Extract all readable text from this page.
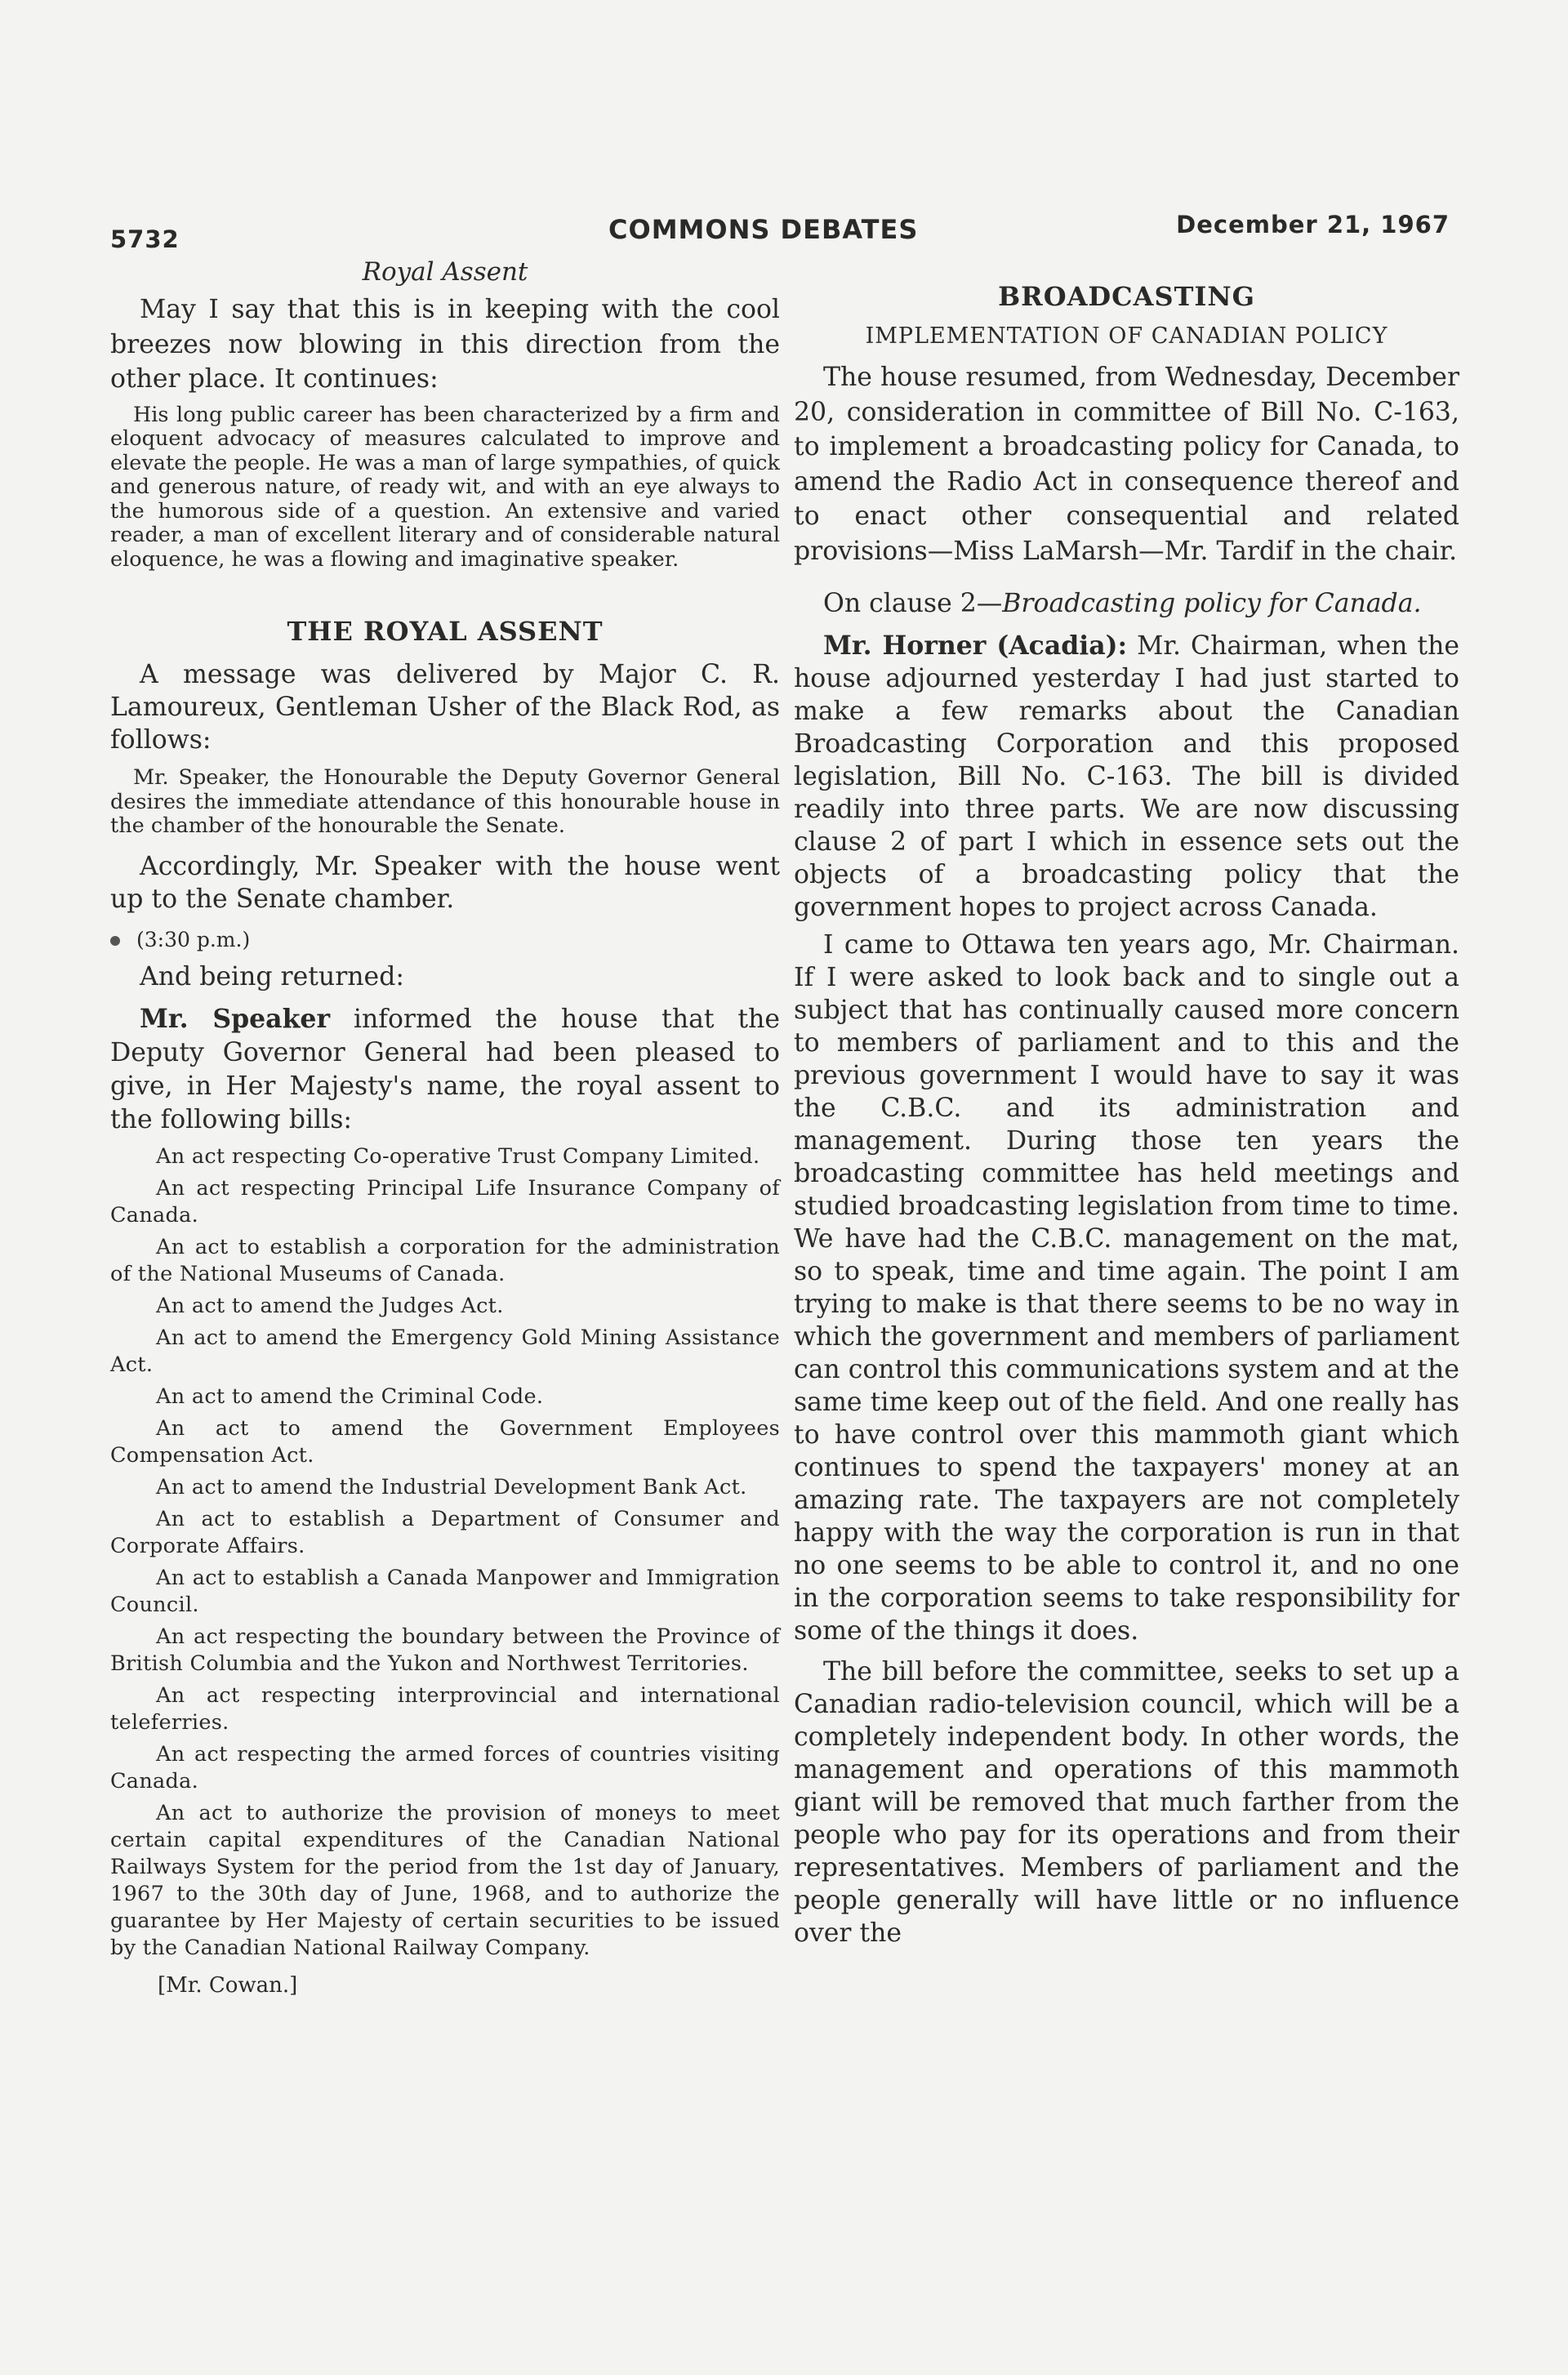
5732	COMMONS DEBATES	December 21, 1967

Royal Assent

May I say that this is in keeping with the cool breezes now blowing in this direction from the other place. It continues:

His long public career has been characterized by a firm and eloquent advocacy of measures calculated to improve and elevate the people. He was a man of large sympathies, of quick and generous nature, of ready wit, and with an eye always to the humorous side of a question. An extensive and varied reader, a man of excellent literary and of considerable natural eloquence, he was a flowing and imaginative speaker.

THE ROYAL ASSENT

A message was delivered by Major C. R. Lamoureux, Gentleman Usher of the Black Rod, as follows:

Mr. Speaker, the Honourable the Deputy Governor General desires the immediate attendance of this honourable house in the chamber of the honourable the Senate.

Accordingly, Mr. Speaker with the house went up to the Senate chamber.

(3:30 p.m.)

And being returned:

Mr. Speaker informed the house that the Deputy Governor General had been pleased to give, in Her Majesty's name, the royal assent to the following bills:

An act respecting Co-operative Trust Company Limited.

An act respecting Principal Life Insurance Company of Canada.

An act to establish a corporation for the administration of the National Museums of Canada.

An act to amend the Judges Act.

An act to amend the Emergency Gold Mining Assistance Act.

An act to amend the Criminal Code.

An act to amend the Government Employees Compensation Act.

An act to amend the Industrial Development Bank Act.

An act to establish a Department of Consumer and Corporate Affairs.

An act to establish a Canada Manpower and Immigration Council.

An act respecting the boundary between the Province of British Columbia and the Yukon and Northwest Territories.

An act respecting interprovincial and international teleferries.

An act respecting the armed forces of countries visiting Canada.

An act to authorize the provision of moneys to meet certain capital expenditures of the Canadian National Railways System for the period from the 1st day of January, 1967 to the 30th day of June, 1968, and to authorize the guarantee by Her Majesty of certain securities to be issued by the Canadian National Railway Company.

[Mr. Cowan.]

BROADCASTING

IMPLEMENTATION OF CANADIAN POLICY

The house resumed, from Wednesday, December 20, consideration in committee of Bill No. C-163, to implement a broadcasting policy for Canada, to amend the Radio Act in consequence thereof and to enact other consequential and related provisions—Miss LaMarsh—Mr. Tardif in the chair.

On clause 2—Broadcasting policy for Canada.

Mr. Horner (Acadia): Mr. Chairman, when the house adjourned yesterday I had just started to make a few remarks about the Canadian Broadcasting Corporation and this proposed legislation, Bill No. C-163. The bill is divided readily into three parts. We are now discussing clause 2 of part I which in essence sets out the objects of a broadcasting policy that the government hopes to project across Canada.

I came to Ottawa ten years ago, Mr. Chairman. If I were asked to look back and to single out a subject that has continually caused more concern to members of parliament and to this and the previous government I would have to say it was the C.B.C. and its administration and management. During those ten years the broadcasting committee has held meetings and studied broadcasting legislation from time to time. We have had the C.B.C. management on the mat, so to speak, time and time again. The point I am trying to make is that there seems to be no way in which the government and members of parliament can control this communications system and at the same time keep out of the field. And one really has to have control over this mammoth giant which continues to spend the taxpayers' money at an amazing rate. The taxpayers are not completely happy with the way the corporation is run in that no one seems to be able to control it, and no one in the corporation seems to take responsibility for some of the things it does.

The bill before the committee, seeks to set up a Canadian radio-television council, which will be a completely independent body. In other words, the management and operations of this mammoth giant will be removed that much farther from the people who pay for its operations and from their representatives. Members of parliament and the people generally will have little or no influence over the
